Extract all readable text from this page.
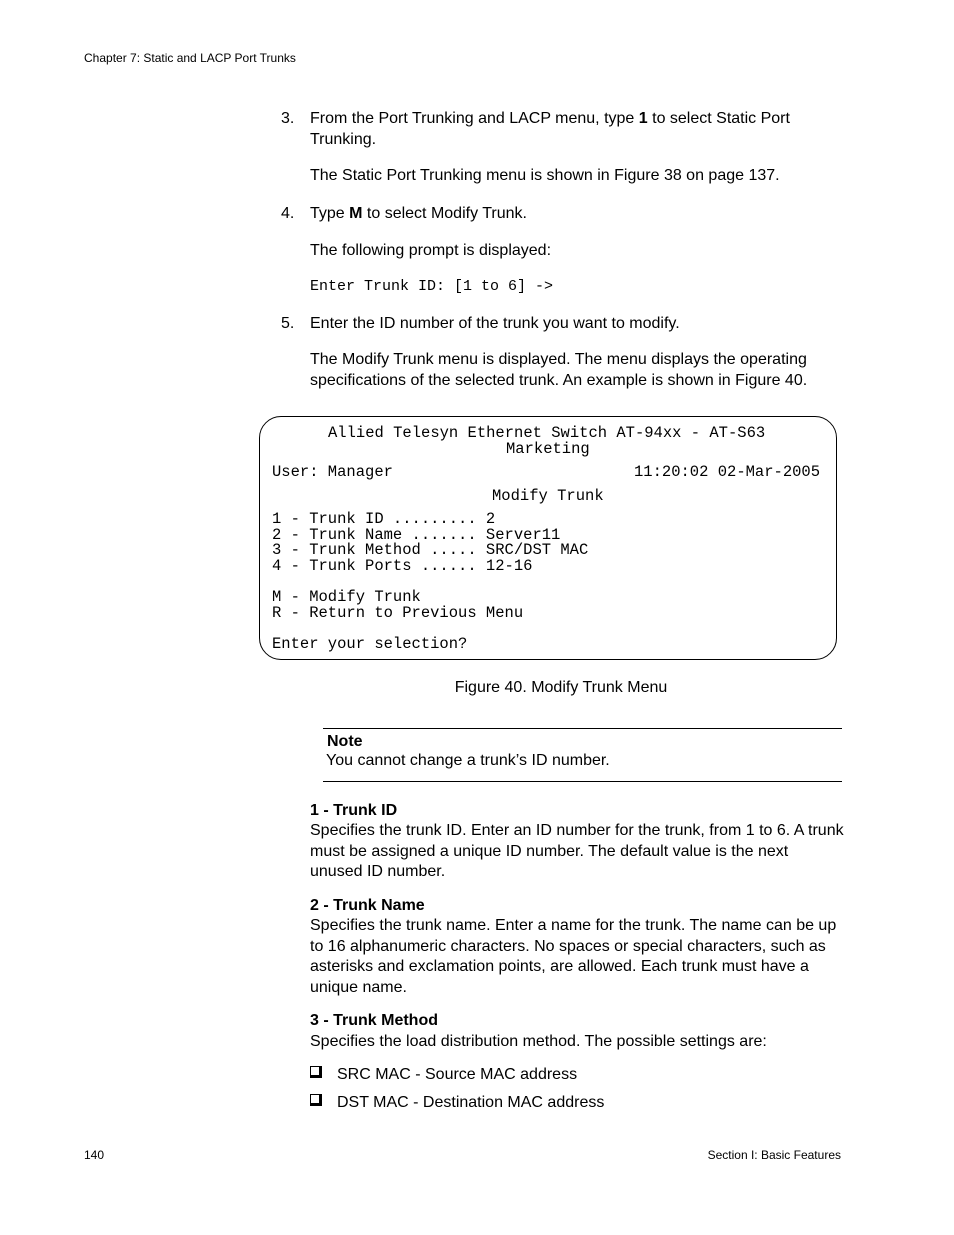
Chapter 7: Static and LACP Port Trunks
3. From the Port Trunking and LACP menu, type 1 to select Static Port Trunking.
The Static Port Trunking menu is shown in Figure 38 on page 137.
4. Type M to select Modify Trunk.
The following prompt is displayed:
Enter Trunk ID: [1 to 6] ->
5. Enter the ID number of the trunk you want to modify.
The Modify Trunk menu is displayed. The menu displays the operating specifications of the selected trunk. An example is shown in Figure 40.
Allied Telesyn Ethernet Switch AT-94xx - AT-S63
Marketing
User: Manager	11:20:02 02-Mar-2005
Modify Trunk
1 - Trunk ID ......... 2
2 - Trunk Name ....... Server11
3 - Trunk Method ..... SRC/DST MAC
4 - Trunk Ports ...... 12-16
M - Modify Trunk
R - Return to Previous Menu
Enter your selection?
Figure 40. Modify Trunk Menu
Note
You cannot change a trunk’s ID number.
1 - Trunk ID
Specifies the trunk ID. Enter an ID number for the trunk, from 1 to 6. A trunk must be assigned a unique ID number. The default value is the next unused ID number.
2 - Trunk Name
Specifies the trunk name. Enter a name for the trunk. The name can be up to 16 alphanumeric characters. No spaces or special characters, such as asterisks and exclamation points, are allowed. Each trunk must have a unique name.
3 - Trunk Method
Specifies the load distribution method. The possible settings are:
SRC MAC - Source MAC address
DST MAC - Destination MAC address
140	Section I: Basic Features
